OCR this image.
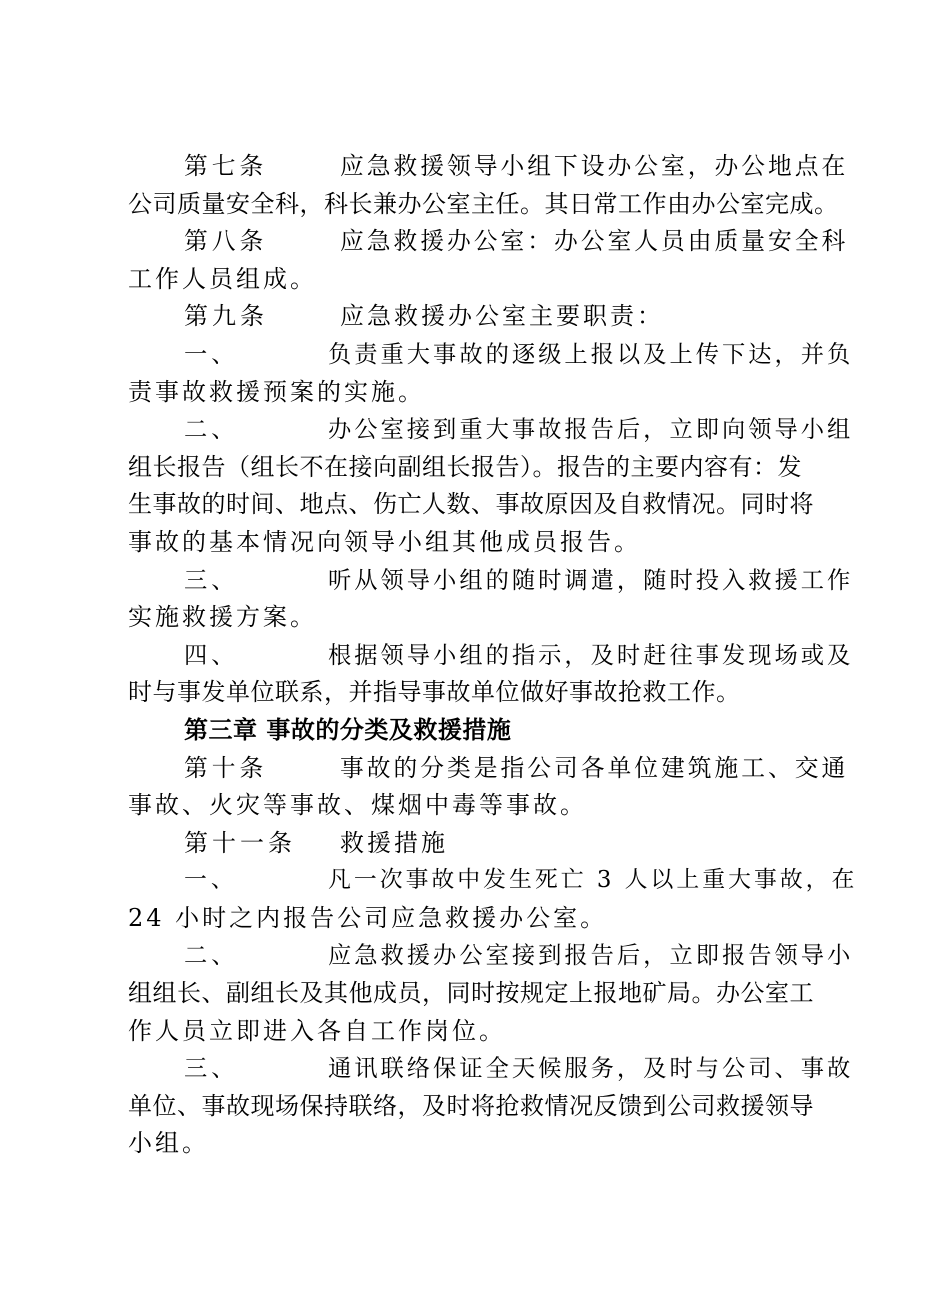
第七条	应急救援领导小组下设办公室，办公地点在
公司质量安全科，科长兼办公室主任。其日常工作由办公室完成。
第八条	应急救援办公室：办公室人员由质量安全科
工作人员组成。
第九条	应急救援办公室主要职责：
一、	负责重大事故的逐级上报以及上传下达，并负
责事故救援预案的实施。
二、	办公室接到重大事故报告后，立即向领导小组
组长报告（组长不在接向副组长报告）。报告的主要内容有：发
生事故的时间、地点、伤亡人数、事故原因及自救情况。同时将
事故的基本情况向领导小组其他成员报告。
三、	听从领导小组的随时调遣，随时投入救援工作
实施救援方案。
四、	根据领导小组的指示，及时赶往事发现场或及
时与事发单位联系，并指导事故单位做好事故抢救工作。
第三章 事故的分类及救援措施
第十条	事故的分类是指公司各单位建筑施工、交通
事故、火灾等事故、煤烟中毒等事故。
第十一条 救援措施
一、	凡一次事故中发生死亡 3 人以上重大事故，在
24 小时之内报告公司应急救援办公室。
二、	应急救援办公室接到报告后，立即报告领导小
组组长、副组长及其他成员，同时按规定上报地矿局。办公室工
作人员立即进入各自工作岗位。
三、	通讯联络保证全天候服务，及时与公司、事故
单位、事故现场保持联络，及时将抢救情况反馈到公司救援领导
小组。
